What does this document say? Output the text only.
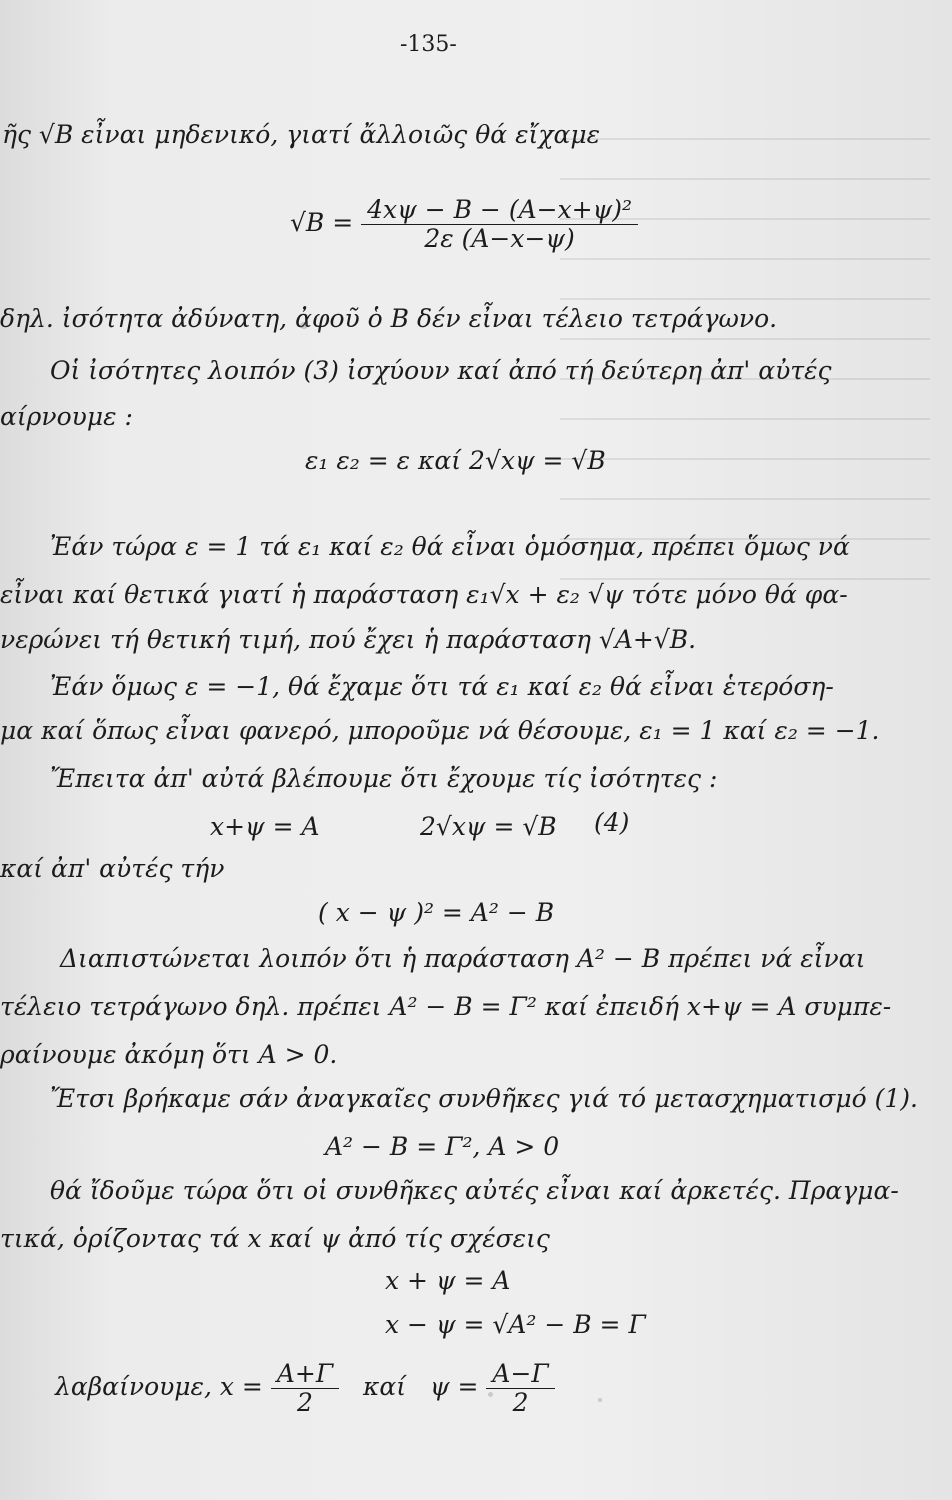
-135-
ῆς √B εἶναι μηδενικό, γιατί ἄλλοιῶς θά εἴχαμε
$√B = \frac{\text{4xψ − B − (A−x+ψ)²}}{2\varepsilon (A-x-\psi)}$
δηλ. ἰσότητα ἀδύνατη, ἀφοῦ ὁ B δέν εἶναι τέλειο τετράγωνο.
Οἱ ἰσότητες λοιπόν (3) ἰσχύουν καί ἀπό τή δεύτερη ἀπ' αὐτές
αίρνουμε :
ε₁ ε₂ = ε καί 2√xψ = √B
Ἐάν τώρα ε = 1 τά ε₁ καί ε₂ θά εἶναι ὁμόσημα, πρέπει ὅμως νά
εἶναι καί θετικά γιατί ἡ παράσταση ε₁√x + ε₂ √ψ τότε μόνο θά φα-
νερώνει τή θετική τιμή, πού ἔχει ἡ παράσταση √A+√B.
Ἐάν ὅμως ε = −1, θά ἔχαμε ὅτι τά ε₁ καί ε₂ θά εἶναι ἑτερόση-
μα καί ὅπως εἶναι φανερό, μποροῦμε νά θέσουμε, ε₁ = 1 καί ε₂ = −1.
Ἔπειτα ἀπ' αὐτά βλέπουμε ὅτι ἔχουμε τίς ἰσότητες :
x+ψ = A	2√xψ = √B (4)
καί ἀπ' αὐτές τήν
( x − ψ )² = A² − B
Διαπιστώνεται λοιπόν ὅτι ἡ παράσταση A² − B πρέπει νά εἶναι
τέλειο τετράγωνο δηλ. πρέπει A² − B = Γ² καί ἐπειδή x+ψ = A συμπε-
ραίνουμε ἀκόμη ὅτι A > 0.
Ἔτσι βρήκαμε σάν ἀναγκαῖες συνθῆκες γιά τό μετασχηματισμό (1).
A² − B = Γ², A > 0
θά ἴδοῦμε τώρα ὅτι οἱ συνθῆκες αὐτές εἶναι καί ἀρκετές. Πραγμα-
τικά, ὁρίζοντας τά x καί ψ ἀπό τίς σχέσεις
x + ψ = A
x − ψ = √A² − B = Γ
λαβαίνουμε, $x = \frac{A+\Gamma}{2}$ καί $\psi = \frac{A-\Gamma}{2}$
